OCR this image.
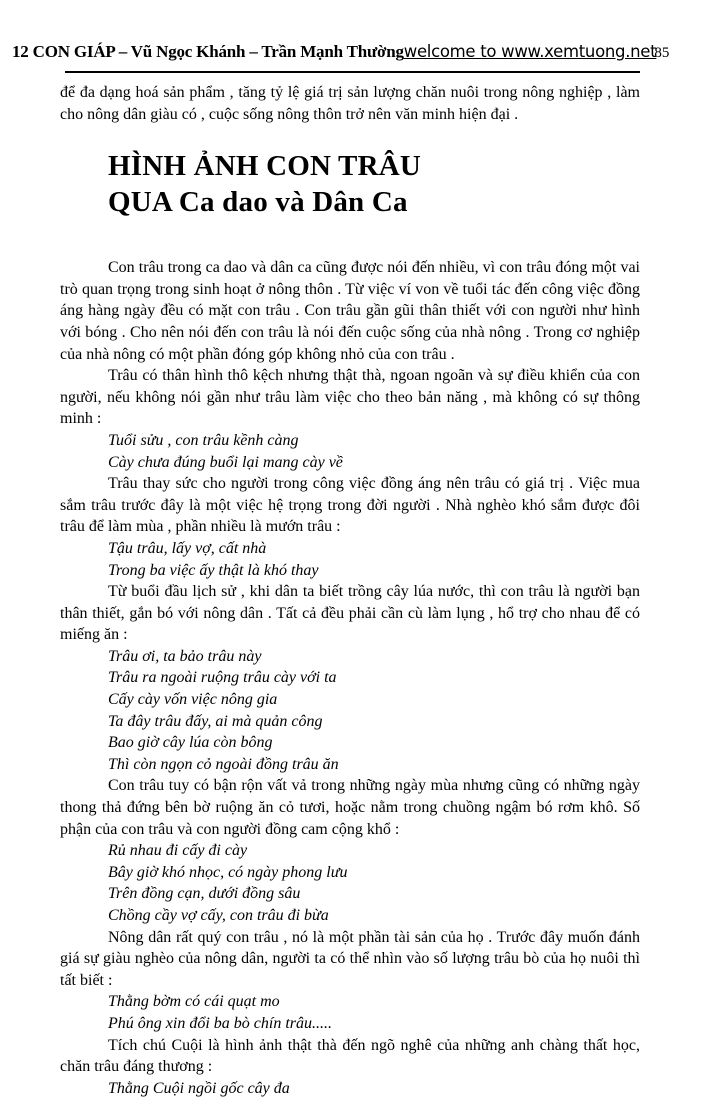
12 CON GIÁP – Vũ Ngọc Khánh – Trần Mạnh Thường welcome to www.xemtuong.net
85

để đa dạng hoá sản phẩm , tăng tỷ lệ giá trị sản lượng chăn nuôi trong nông nghiệp , làm cho nông dân giàu có , cuộc sống nông thôn trở nên văn minh hiện đại .

HÌNH ẢNH CON TRÂU
QUA Ca dao và Dân Ca

Con trâu trong ca dao và dân ca cũng được nói đến nhiều, vì con trâu đóng một vai trò quan trọng trong sinh hoạt ở nông thôn . Từ việc ví von về tuổi tác đến công việc đồng áng hàng ngày đều có mặt con trâu . Con trâu gần gũi thân thiết với con người như hình với bóng . Cho nên nói đến con trâu là nói đến cuộc sống của nhà nông . Trong cơ nghiệp của nhà nông có một phần đóng góp không nhỏ của con trâu .

Trâu có thân hình thô kệch nhưng thật thà, ngoan ngoãn và sự điều khiển của con người, nếu không nói gần như trâu làm việc cho theo bản năng , mà không có sự thông minh :

Tuổi sửu , con trâu kềnh càng
Cày chưa đúng buổi lại mang cày về

Trâu thay sức cho người trong công việc đồng áng nên trâu có giá trị . Việc mua sắm trâu trước đây là một việc hệ trọng trong đời người . Nhà nghèo khó sắm được đôi trâu để làm mùa , phần nhiều là mướn trâu :

Tậu trâu, lấy vợ, cất nhà
Trong ba việc ấy thật là khó thay

Từ buổi đầu lịch sử , khi dân ta biết trồng cây lúa nước, thì con trâu là người bạn thân thiết, gắn bó với nông dân . Tất cả đều phải cần cù làm lụng , hổ trợ cho nhau để có miếng ăn :

Trâu ơi, ta bảo trâu này
Trâu ra ngoài ruộng trâu cày với ta
Cấy cày vốn việc nông gia
Ta đây trâu đấy, ai mà quản công
Bao giờ cây lúa còn bông
Thì còn ngọn cỏ ngoài đồng trâu ăn

Con trâu tuy có bận rộn vất vả trong những ngày mùa nhưng cũng có những ngày thong thả đứng bên bờ ruộng ăn cỏ tươi, hoặc nằm trong chuồng ngậm bó rơm khô. Số phận của con trâu và con người đồng cam cộng khổ :

Rủ nhau đi cấy đi cày
Bây giờ khó nhọc, có ngày phong lưu
Trên đồng cạn, dưới đồng sâu
Chồng cầy vợ cấy, con trâu đi bừa

Nông dân rất quý con trâu , nó là một phần tài sản của họ . Trước đây muốn đánh giá sự giàu nghèo của nông dân, người ta có thể nhìn vào số lượng trâu bò của họ nuôi thì tất biết :

Thằng bờm có cái quạt mo
Phú ông xin đổi ba bò chín trâu.....

Tích chú Cuội là hình ảnh thật thà đến ngõ nghê của những anh chàng thất học, chăn trâu đáng thương :

Thằng Cuội ngồi gốc cây đa
